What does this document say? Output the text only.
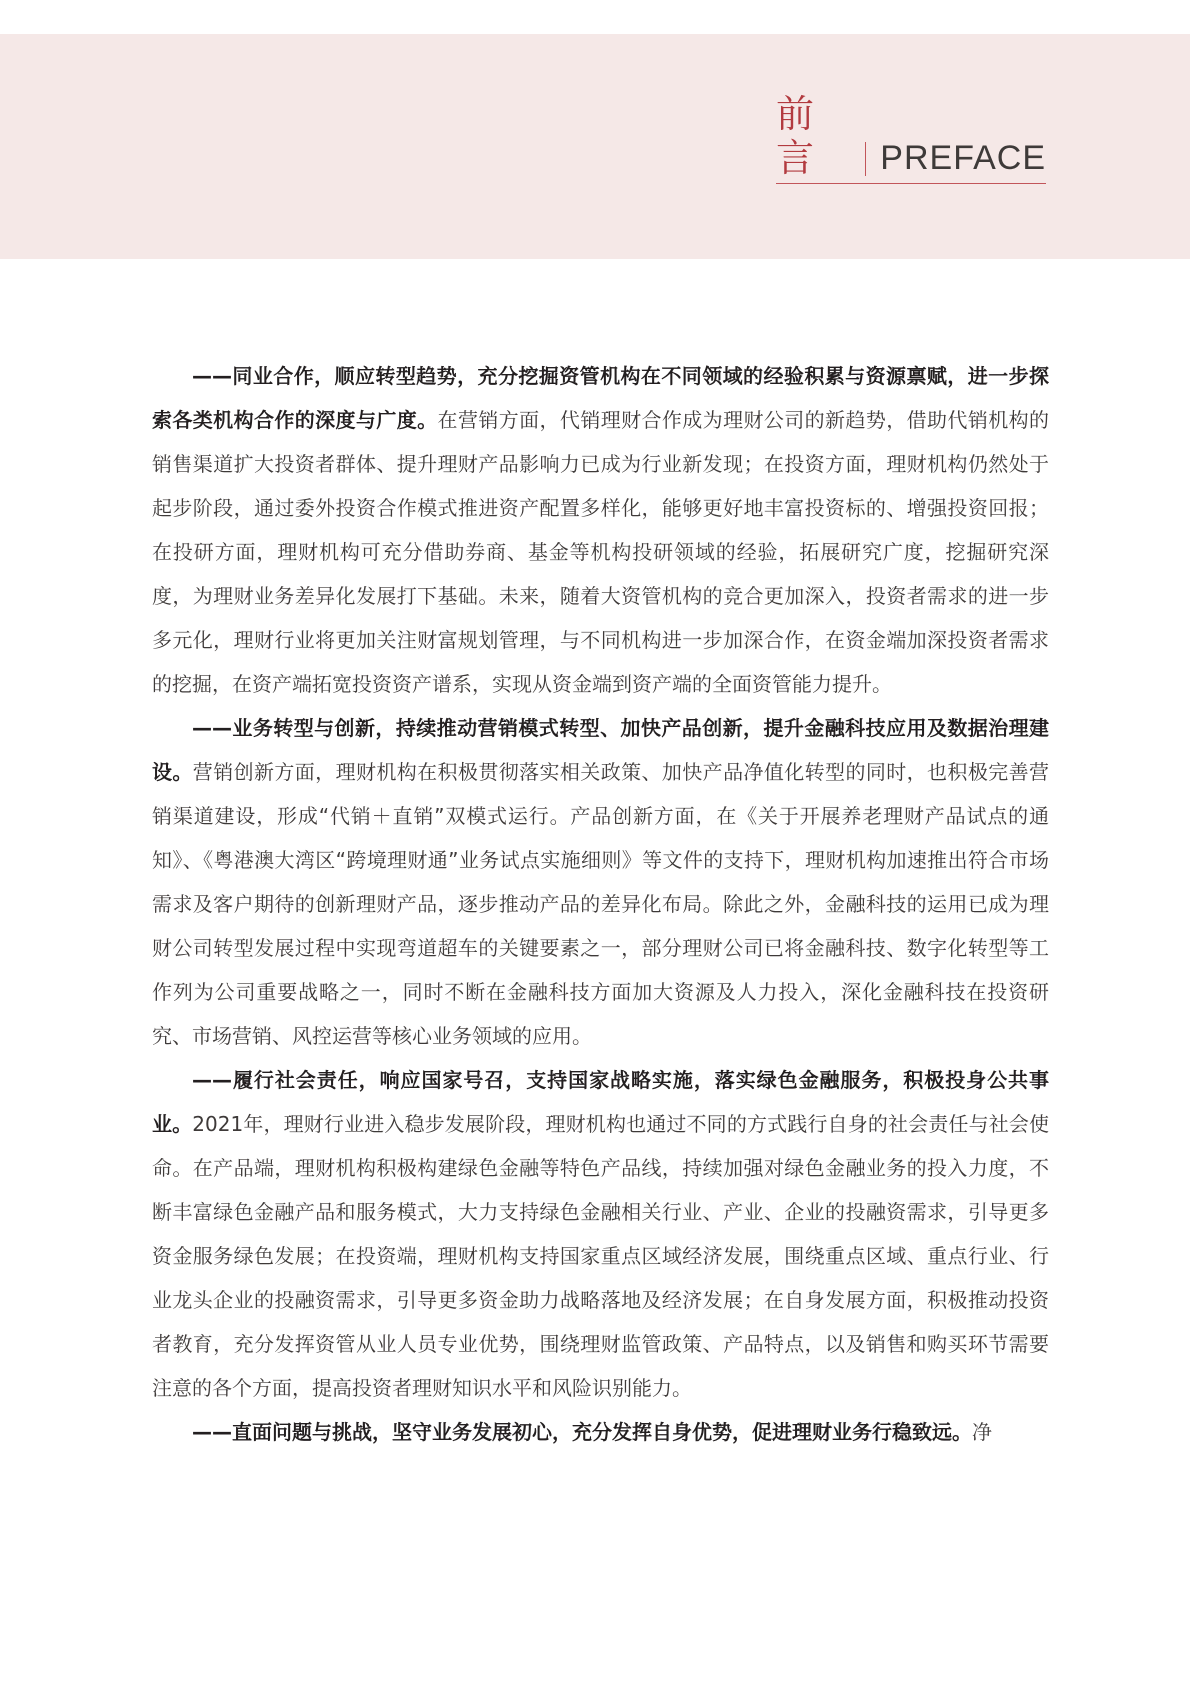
前言	PREFACE

——同业合作，顺应转型趋势，充分挖掘资管机构在不同领域的经验积累与资源禀赋，进一步探索各类机构合作的深度与广度。在营销方面，代销理财合作成为理财公司的新趋势，借助代销机构的销售渠道扩大投资者群体、提升理财产品影响力已成为行业新发现；在投资方面，理财机构仍然处于起步阶段，通过委外投资合作模式推进资产配置多样化，能够更好地丰富投资标的、增强投资回报；在投研方面，理财机构可充分借助券商、基金等机构投研领域的经验，拓展研究广度，挖掘研究深度，为理财业务差异化发展打下基础。未来，随着大资管机构的竞合更加深入，投资者需求的进一步多元化，理财行业将更加关注财富规划管理，与不同机构进一步加深合作，在资金端加深投资者需求的挖掘，在资产端拓宽投资资产谱系，实现从资金端到资产端的全面资管能力提升。

——业务转型与创新，持续推动营销模式转型、加快产品创新，提升金融科技应用及数据治理建设。营销创新方面，理财机构在积极贯彻落实相关政策、加快产品净值化转型的同时，也积极完善营销渠道建设，形成“代销＋直销”双模式运行。产品创新方面，在《关于开展养老理财产品试点的通知》、《粤港澳大湾区“跨境理财通”业务试点实施细则》等文件的支持下，理财机构加速推出符合市场需求及客户期待的创新理财产品，逐步推动产品的差异化布局。除此之外，金融科技的运用已成为理财公司转型发展过程中实现弯道超车的关键要素之一，部分理财公司已将金融科技、数字化转型等工作列为公司重要战略之一，同时不断在金融科技方面加大资源及人力投入，深化金融科技在投资研究、市场营销、风控运营等核心业务领域的应用。

——履行社会责任，响应国家号召，支持国家战略实施，落实绿色金融服务，积极投身公共事业。2021年，理财行业进入稳步发展阶段，理财机构也通过不同的方式践行自身的社会责任与社会使命。在产品端，理财机构积极构建绿色金融等特色产品线，持续加强对绿色金融业务的投入力度，不断丰富绿色金融产品和服务模式，大力支持绿色金融相关行业、产业、企业的投融资需求，引导更多资金服务绿色发展；在投资端，理财机构支持国家重点区域经济发展，围绕重点区域、重点行业、行业龙头企业的投融资需求，引导更多资金助力战略落地及经济发展；在自身发展方面，积极推动投资者教育，充分发挥资管从业人员专业优势，围绕理财监管政策、产品特点，以及销售和购买环节需要注意的各个方面，提高投资者理财知识水平和风险识别能力。

——直面问题与挑战，坚守业务发展初心，充分发挥自身优势，促进理财业务行稳致远。净
